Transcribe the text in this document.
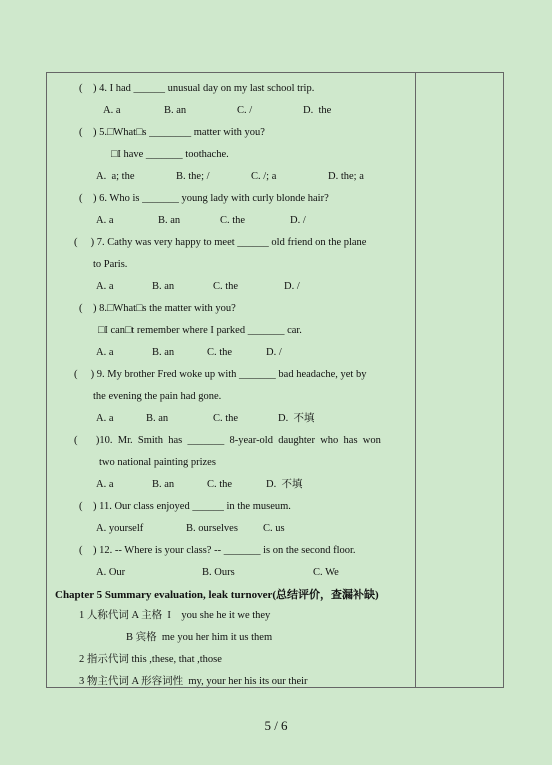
(    ) 4. I had ______ unusual day on my last school trip.
A. a	B. an	C. /	D.  the
(    ) 5.□What□s ________ matter with you?
□I have _______ toothache.
A.  a; the	B. the; /	C. /; a	D. the; a
(    ) 6. Who is _______ young lady with curly blonde hair?
A. a	B. an	C. the	D. /
(     ) 7. Cathy was very happy to meet ______ old friend on the plane
to Paris.
A. a	B. an	C. the	D. /
(    ) 8.□What□s the matter with you?
□I can□t remember where I parked _______ car.
A. a	B. an	C. the	D. /
(     ) 9. My brother Fred woke up with _______ bad headache, yet by
the evening the pain had gone.
A. a	B. an	C. the	D.  不填
(       )10.  Mr.  Smith  has  _______  8-year-old  daughter  who  has  won
two national painting prizes
A. a	B. an	C. the	D.  不填
(    ) 11. Our class enjoyed ______ in the museum.
A. yourself	B. ourselves C. us
(    ) 12. -- Where is your class? -- _______ is on the second floor.
A. Our	B. Ours	C. We
Chapter 5 Summary evaluation, leak turnover(总结评价，查漏补缺)
1 人称代词 A 主格  I    you she he it we they
B 宾格  me you her him it us them
2 指示代词 this ,these, that ,those
3 物主代词 A 形容词性  my, your her his its our their
5 / 6
